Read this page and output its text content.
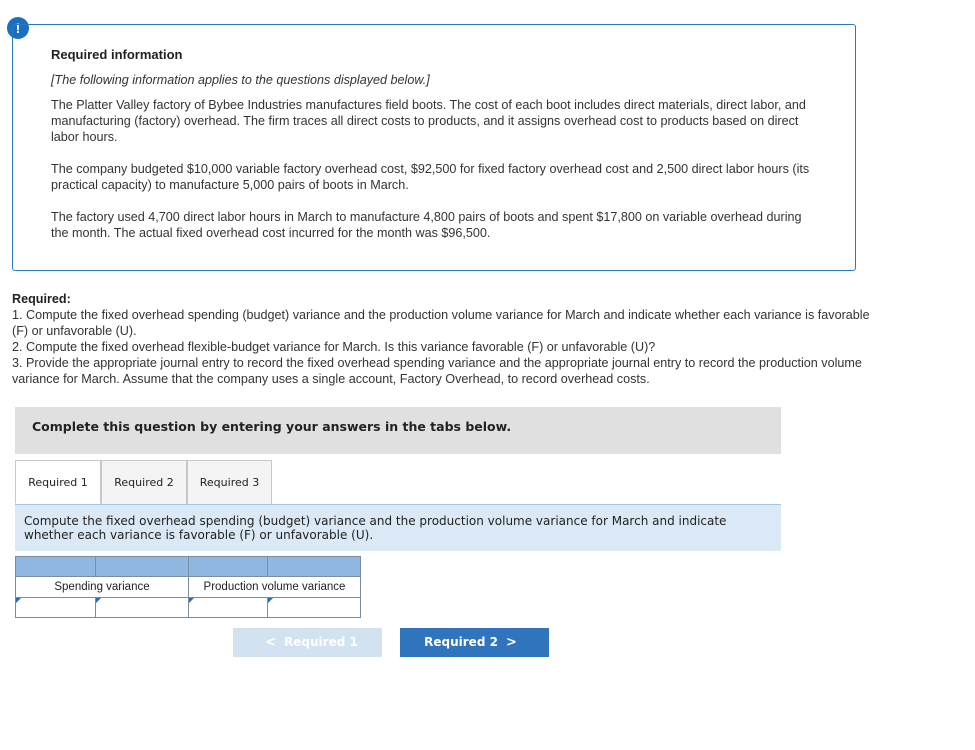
!

Required information

[The following information applies to the questions displayed below.]

The Platter Valley factory of Bybee Industries manufactures field boots. The cost of each boot includes direct materials, direct labor, and manufacturing (factory) overhead. The firm traces all direct costs to products, and it assigns overhead cost to products based on direct labor hours.

The company budgeted $10,000 variable factory overhead cost, $92,500 for fixed factory overhead cost and 2,500 direct labor hours (its practical capacity) to manufacture 5,000 pairs of boots in March.

The factory used 4,700 direct labor hours in March to manufacture 4,800 pairs of boots and spent $17,800 on variable overhead during the month. The actual fixed overhead cost incurred for the month was $96,500.

Required:

1. Compute the fixed overhead spending (budget) variance and the production volume variance for March and indicate whether each variance is favorable (F) or unfavorable (U).

2. Compute the fixed overhead flexible-budget variance for March. Is this variance favorable (F) or unfavorable (U)?

3. Provide the appropriate journal entry to record the fixed overhead spending variance and the appropriate journal entry to record the production volume variance for March. Assume that the company uses a single account, Factory Overhead, to record overhead costs.

Complete this question by entering your answers in the tabs below.
Required 1	Required 2	Required 3
Compute the fixed overhead spending (budget) variance and the production volume variance for March and indicate whether each variance is favorable (F) or unfavorable (U).

Spending variance		Production volume variance	

< Required 1	Required 2 >
